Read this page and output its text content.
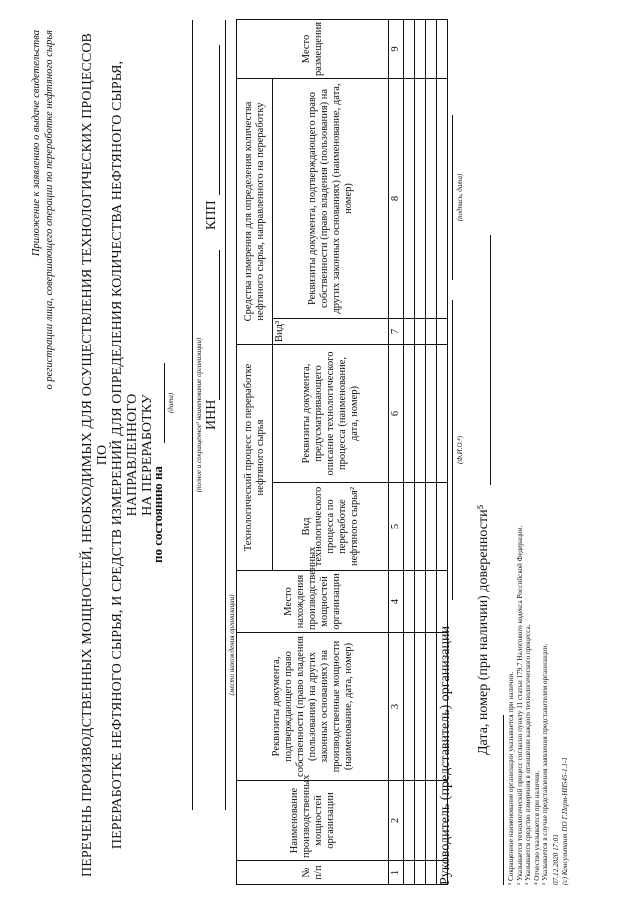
Приложение к заявлению о выдаче свидетельства о регистрации лица, совершающего операции по переработке нефтяного сырья ПЕРЕЧЕНЬ ПРОИЗВОДСТВЕННЫХ МОЩНОСТЕЙ, НЕОБХОДИМЫХ ДЛЯ ОСУЩЕСТВЛЕНИЯ ТЕХНОЛОГИЧЕСКИХ ПРОЦЕССОВ ПО ПЕРЕРАБОТКЕ НЕФТЯНОГО СЫРЬЯ, И СРЕДСТВ ИЗМЕРЕНИЙ ДЛЯ ОПРЕДЕЛЕНИЯ КОЛИЧЕСТВА НЕФТЯНОГО СЫРЬЯ, НАПРАВЛЕННОГО НА ПЕРЕРАБОТКУ
по состоянию на
(дата)	(полное и сокращенное¹ наименование организации) ИНН
КПП
(место нахождения организации)
№ п/п	Наименование производственных мощностей организации	Реквизиты документа, подтверждающего право собственности (право владения (пользования) на других законных основаниях) на производственные мощности (наименование, дата, номер)	Место нахождения производственных мощностей организации	Технологический процесс по переработке нефтяного сырья		Средства измерения для определения количества нефтяного сырья, направленного на переработку		Место размещения
				Вид технологического процесса по переработке нефтяного сырья²	Реквизиты документа, предусматривающего описание технологического процесса (наименование, дата, номер)	Вид³	Реквизиты документа, подтверждающего право собственности (право владения (пользования) на других законных основаниях) (наименование, дата, номер)	
1	2	3	4	5	6	7	8	9

Руководитель (представитель) организации
(Ф.И.О.⁴)
(подпись, дата)
Дата, номер (при наличии) доверенности⁵
¹ Сокращенное наименование организации указывается при наличии. ² Указывается технологический процесс согласно пункту 11 статьи 179.7 Налогового кодекса Российской Федерации. ³ Указывается средство измерения в отношении каждого технологического процесса. ⁴ Отчество указывается при наличии. ⁵ Указывается в случае представления заявления представителем организации. 07.12.2020 17:01 (c) Консультант ПО Г.Перм-НИ545-1.1-1
